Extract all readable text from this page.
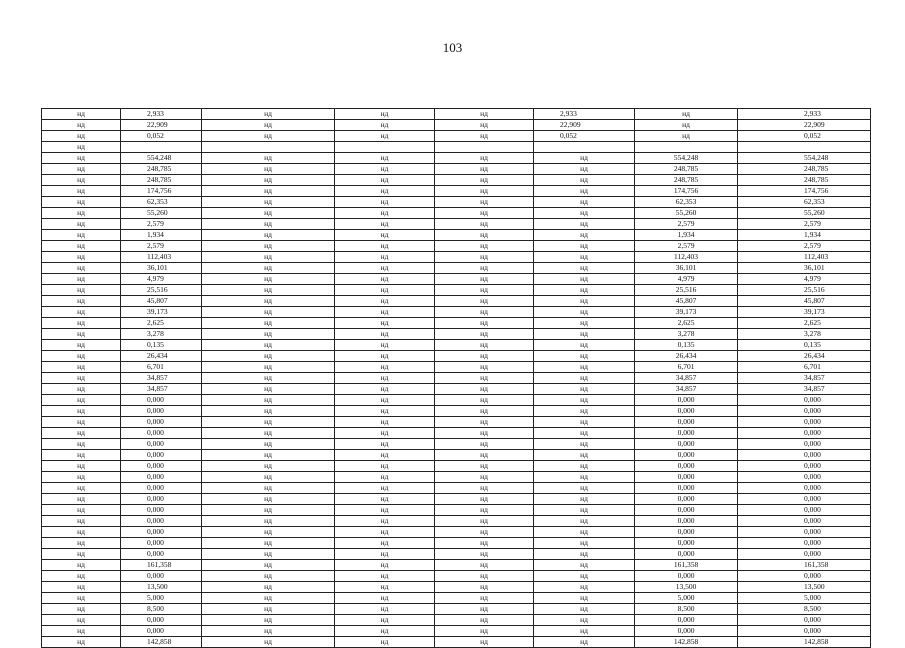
103
нд	2,933	нд	нд	нд	2,933	нд	2,933
нд	22,909	нд	нд	нд	22,909	нд	22,909
нд	0,052	нд	нд	нд	0,052	нд	0,052
нд							
нд	554,248	нд	нд	нд	нд	554,248	554,248
нд	248,785	нд	нд	нд	нд	248,785	248,785
нд	248,785	нд	нд	нд	нд	248,785	248,785
нд	174,756	нд	нд	нд	нд	174,756	174,756
нд	62,353	нд	нд	нд	нд	62,353	62,353
нд	55,260	нд	нд	нд	нд	55,260	55,260
нд	2,579	нд	нд	нд	нд	2,579	2,579
нд	1,934	нд	нд	нд	нд	1,934	1,934
нд	2,579	нд	нд	нд	нд	2,579	2,579
нд	112,403	нд	нд	нд	нд	112,403	112,403
нд	36,101	нд	нд	нд	нд	36,101	36,101
нд	4,979	нд	нд	нд	нд	4,979	4,979
нд	25,516	нд	нд	нд	нд	25,516	25,516
нд	45,807	нд	нд	нд	нд	45,807	45,807
нд	39,173	нд	нд	нд	нд	39,173	39,173
нд	2,625	нд	нд	нд	нд	2,625	2,625
нд	3,278	нд	нд	нд	нд	3,278	3,278
нд	0,135	нд	нд	нд	нд	0,135	0,135
нд	26,434	нд	нд	нд	нд	26,434	26,434
нд	6,701	нд	нд	нд	нд	6,701	6,701
нд	34,857	нд	нд	нд	нд	34,857	34,857
нд	34,857	нд	нд	нд	нд	34,857	34,857
нд	0,000	нд	нд	нд	нд	0,000	0,000
нд	0,000	нд	нд	нд	нд	0,000	0,000
нд	0,000	нд	нд	нд	нд	0,000	0,000
нд	0,000	нд	нд	нд	нд	0,000	0,000
нд	0,000	нд	нд	нд	нд	0,000	0,000
нд	0,000	нд	нд	нд	нд	0,000	0,000
нд	0,000	нд	нд	нд	нд	0,000	0,000
нд	0,000	нд	нд	нд	нд	0,000	0,000
нд	0,000	нд	нд	нд	нд	0,000	0,000
нд	0,000	нд	нд	нд	нд	0,000	0,000
нд	0,000	нд	нд	нд	нд	0,000	0,000
нд	0,000	нд	нд	нд	нд	0,000	0,000
нд	0,000	нд	нд	нд	нд	0,000	0,000
нд	0,000	нд	нд	нд	нд	0,000	0,000
нд	0,000	нд	нд	нд	нд	0,000	0,000
нд	161,358	нд	нд	нд	нд	161,358	161,358
нд	0,000	нд	нд	нд	нд	0,000	0,000
нд	13,500	нд	нд	нд	нд	13,500	13,500
нд	5,000	нд	нд	нд	нд	5,000	5,000
нд	8,500	нд	нд	нд	нд	8,500	8,500
нд	0,000	нд	нд	нд	нд	0,000	0,000
нд	0,000	нд	нд	нд	нд	0,000	0,000
нд	142,858	нд	нд	нд	нд	142,858	142,858
